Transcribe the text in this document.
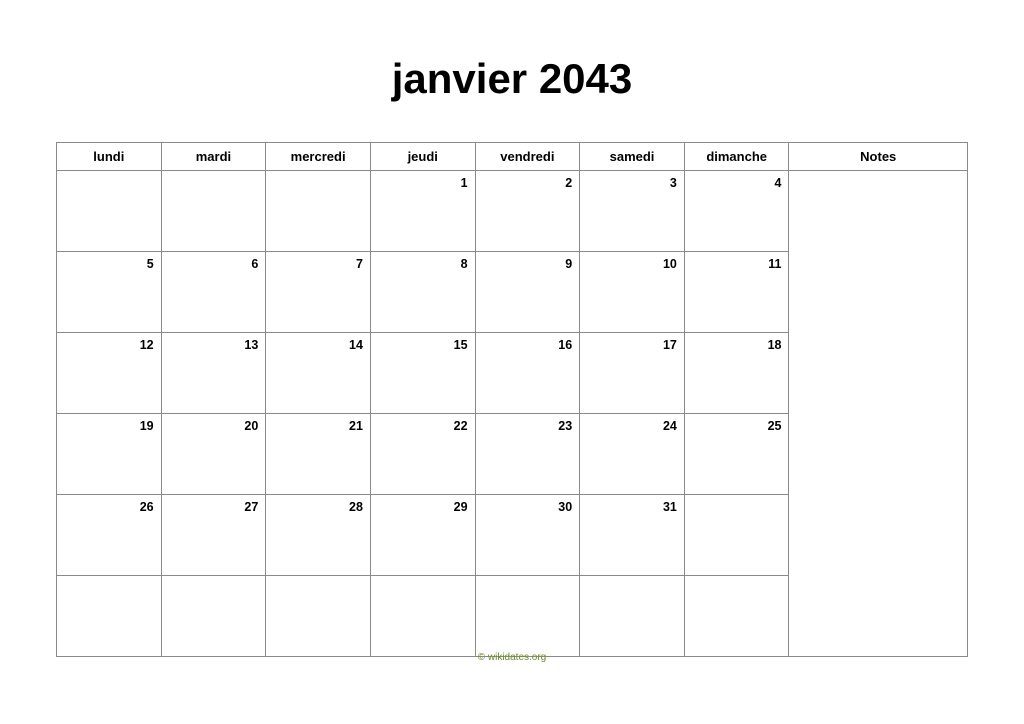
janvier 2043
lundi	mardi	mercredi	jeudi	vendredi	samedi	dimanche	Notes

			1	2	3	4	

5	6	7	8	9	10	11	

12	13	14	15	16	17	18	

19	20	21	22	23	24	25	

26	27	28	29	30	31		

© wikidates.org
